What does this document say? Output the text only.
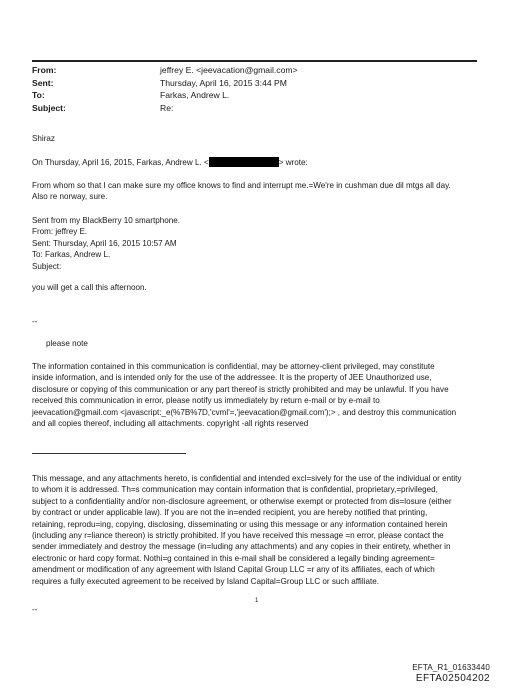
From:	jeffrey E. <jeevacation@gmail.com>
Sent:	Thursday, April 16, 2015 3:44 PM
To:	Farkas, Andrew L.
Subject:	Re:

Shiraz

On Thursday, April 16, 2015, Farkas, Andrew L. <	> wrote:

From whom so that I can make sure my office knows to find and interrupt me.=We're in cushman due dil mtgs all day.

Also re norway, sure.

Sent from my BlackBerry 10 smartphone.

From: jeffrey E.

Sent: Thursday, April 16, 2015 10:57 AM

To: Farkas, Andrew L.

Subject:

you will get a call this afternoon.

--

please note

The information contained in this communication is confidential, may be attorney-client privileged, may constitute

inside information, and is intended only for the use of the addressee. It is the property of JEE Unauthorized use,

disclosure or copying of this communication or any part thereof is strictly prohibited and may be unlawful. If you have

received this communication in error, please notify us immediately by return e-mail or by e-mail to

jeevacation@gmail.com <javascript:_e(%7B%7D,'cvml'=,'jeevacation@gmail.com');> , and destroy this communication

and all copies thereof, including all attachments. copyright -all rights reserved

This message, and any attachments hereto, is confidential and intended excl=sively for the use of the individual or entity

to whom it is addressed. Th=s communication may contain information that is confidential, proprietary,=privileged,

subject to a confidentiality and/or non-disclosure agreement, or otherwise exempt or protected from dis=losure (either

by contract or under applicable law). If you are not the in=ended recipient, you are hereby notified that printing,

retaining, reprodu=ing, copying, disclosing, disseminating or using this message or any information contained herein

(including any r=liance thereon) is strictly prohibited. If you have received this message =n error, please contact the

sender immediately and destroy the message (in=luding any attachments) and any copies in their entirety, whether in

electronic or hard copy format. Nothi=g contained in this e-mail shall be considered a legally binding agreement=

amendment or modification of any agreement with Island Capital Group LLC =r any of its affiliates, each of which

requires a fully executed agreement to be received by Island Capital=Group LLC or such affiliate.

--

1
EFTA_R1_01633440
EFTA02504202
